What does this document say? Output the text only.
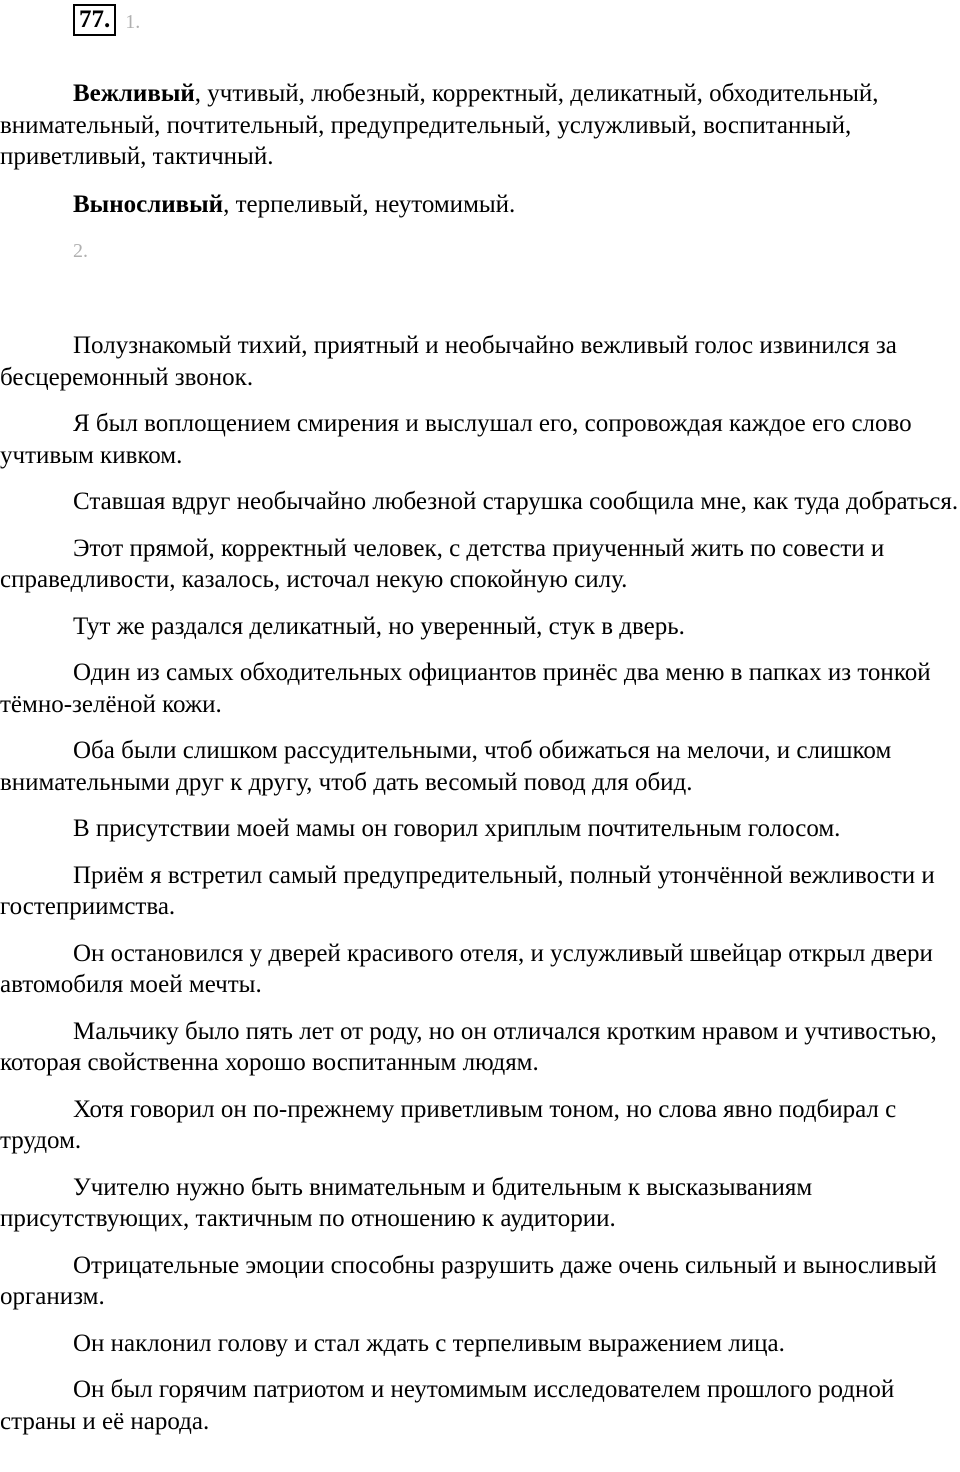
77. 1.

Вежливый, учтивый, любезный, корректный, деликатный, обходительный, внимательный, почтительный, предупредительный, услужливый, воспитанный, приветливый, тактичный.

Выносливый, терпеливый, неутомимый.

2.

Полузнакомый тихий, приятный и необычайно вежливый голос извинился за бесцеремонный звонок.

Я был воплощением смирения и выслушал его, сопровождая каждое его слово учтивым кивком.

Ставшая вдруг необычайно любезной старушка сообщила мне, как туда добраться.

Этот прямой, корректный человек, с детства приученный жить по совести и справедливости, казалось, источал некую спокойную силу.

Тут же раздался деликатный, но уверенный, стук в дверь.

Один из самых обходительных официантов принёс два меню в папках из тонкой тёмно-зелёной кожи.

Оба были слишком рассудительными, чтоб обижаться на мелочи, и слишком внимательными друг к другу, чтоб дать весомый повод для обид.

В присутствии моей мамы он говорил хриплым почтительным голосом.

Приём я встретил самый предупредительный, полный утончённой вежливости и гостеприимства.

Он остановился у дверей красивого отеля, и услужливый швейцар открыл двери автомобиля моей мечты.

Мальчику было пять лет от роду, но он отличался кротким нравом и учтивостью, которая свойственна хорошо воспитанным людям.

Хотя говорил он по-прежнему приветливым тоном, но слова явно подбирал с трудом.

Учителю нужно быть внимательным и бдительным к высказываниям присутствующих, тактичным по отношению к аудитории.

Отрицательные эмоции способны разрушить даже очень сильный и выносливый организм.

Он наклонил голову и стал ждать с терпеливым выражением лица.

Он был горячим патриотом и неутомимым исследователем прошлого родной страны и её народа.
